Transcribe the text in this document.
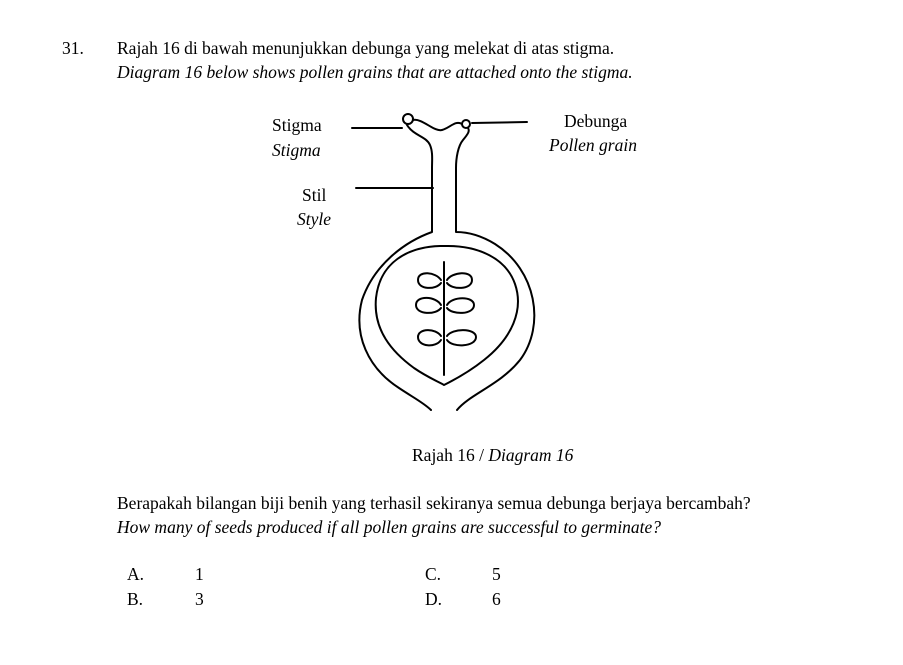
31. Rajah 16 di bawah menunjukkan debunga yang melekat di atas stigma.
Diagram 16 below shows pollen grains that are attached onto the stigma.
Stigma
Stigma
Stil
Style
Debunga
Pollen grain
Rajah 16 / Diagram 16
Berapakah bilangan biji benih yang terhasil sekiranya semua debunga berjaya bercambah?
How many of seeds produced if all pollen grains are successful to germinate?
A.	1
B.	3
C.	5
D.	6
